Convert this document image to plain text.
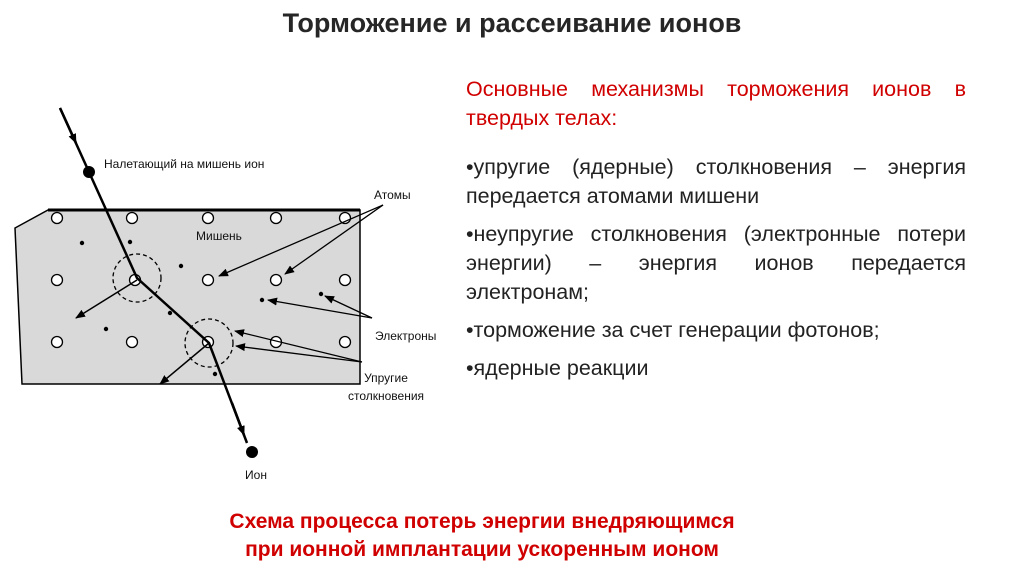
Торможение и рассеивание ионов
Налетающий на мишень ион
Атомы
Мишень
Электроны
Упругие
столкновения
Ион
Основные механизмы торможения ионов в твердых телах:

•упругие (ядерные) столкновения – энергия передается атомами мишени

•неупругие столкновения (электронные потери энергии) – энергия ионов передается электронам;

•торможение за счет генерации фотонов;

•ядерные реакции

Схема процесса потерь энергии внедряющимся
при ионной имплантации ускоренным ионом
